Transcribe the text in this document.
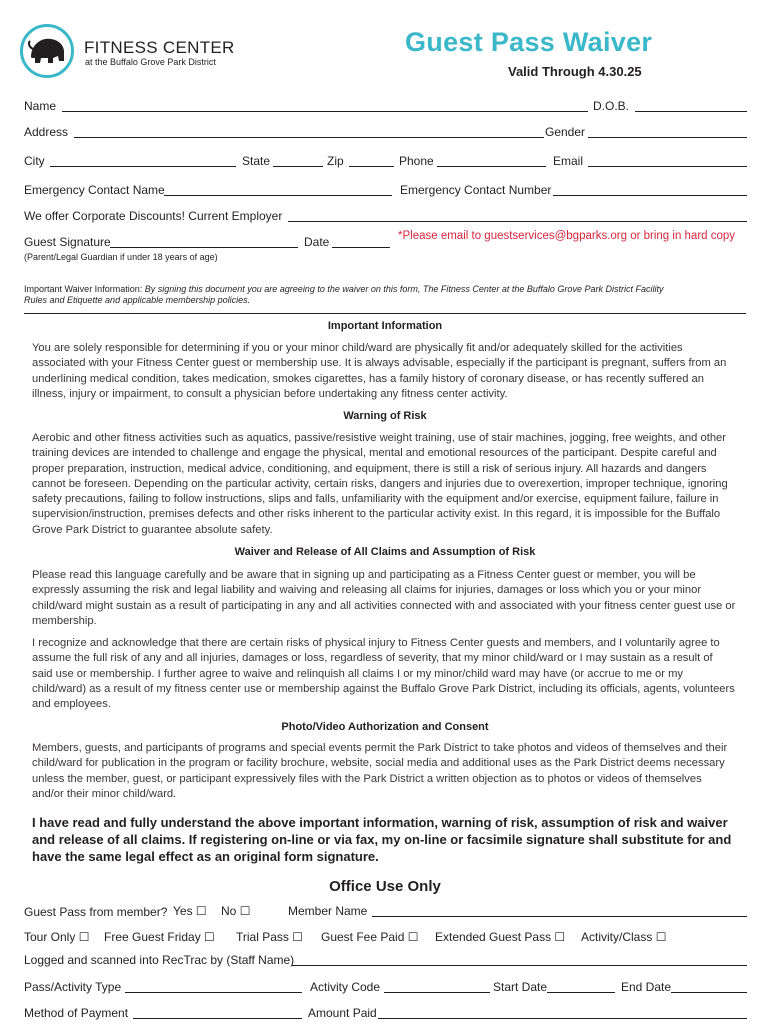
FITNESS CENTER
at the Buffalo Grove Park District
Guest Pass Waiver
Valid Through 4.30.25
Name	D.O.B.
Address	Gender
City	State	Zip	Phone	Email
Emergency Contact Name	Emergency Contact Number
We offer Corporate Discounts! Current Employer
Guest Signature	Date	*Please email to guestservices@bgparks.org or bring in hard copy
(Parent/Legal Guardian if under 18 years of age)
Important Waiver Information: By signing this document you are agreeing to the waiver on this form, The Fitness Center at the Buffalo Grove Park District Facility
Rules and Etiquette and applicable membership policies.
Important Information
You are solely responsible for determining if you or your minor child/ward are physically fit and/or adequately skilled for the activities associated with your Fitness Center guest or membership use. It is always advisable, especially if the participant is pregnant, suffers from an underlining medical condition, takes medication, smokes cigarettes, has a family history of coronary disease, or has recently suffered an illness, injury or impairment, to consult a physician before undertaking any fitness center activity.
Warning of Risk
Aerobic and other fitness activities such as aquatics, passive/resistive weight training, use of stair machines, jogging, free weights, and other training devices are intended to challenge and engage the physical, mental and emotional resources of the participant. Despite careful and proper preparation, instruction, medical advice, conditioning, and equipment, there is still a risk of serious injury. All hazards and dangers cannot be foreseen. Depending on the particular activity, certain risks, dangers and injuries due to overexertion, improper technique, ignoring safety precautions, failing to follow instructions, slips and falls, unfamiliarity with the equipment and/or exercise, equipment failure, failure in supervision/instruction, premises defects and other risks inherent to the particular activity exist. In this regard, it is impossible for the Buffalo Grove Park District to guarantee absolute safety.
Waiver and Release of All Claims and Assumption of Risk
Please read this language carefully and be aware that in signing up and participating as a Fitness Center guest or member, you will be expressly assuming the risk and legal liability and waiving and releasing all claims for injuries, damages or loss which you or your minor child/ward might sustain as a result of participating in any and all activities connected with and associated with your fitness center guest use or membership.
I recognize and acknowledge that there are certain risks of physical injury to Fitness Center guests and members, and I voluntarily agree to assume the full risk of any and all injuries, damages or loss, regardless of severity, that my minor child/ward or I may sustain as a result of said use or membership. I further agree to waive and relinquish all claims I or my minor/child ward may have (or accrue to me or my child/ward) as a result of my fitness center use or membership against the Buffalo Grove Park District, including its officials, agents, volunteers and employees.
Photo/Video Authorization and Consent
Members, guests, and participants of programs and special events permit the Park District to take photos and videos of themselves and their child/ward for publication in the program or facility brochure, website, social media and additional uses as the Park District deems necessary unless the member, guest, or participant expressively files with the Park District a written objection as to photos or videos of themselves and/or their minor child/ward.
I have read and fully understand the above important information, warning of risk, assumption of risk and waiver and release of all claims. If registering on-line or via fax, my on-line or facsimile signature shall substitute for and have the same legal effect as an original form signature.
Office Use Only
Guest Pass from member? Yes ☐ No ☐	Member Name
Tour Only ☐ Free Guest Friday ☐ Trial Pass ☐ Guest Fee Paid ☐ Extended Guest Pass ☐ Activity/Class ☐
Logged and scanned into RecTrac by (Staff Name)
Pass/Activity Type	Activity Code	Start Date	End Date
Method of Payment	Amount Paid
